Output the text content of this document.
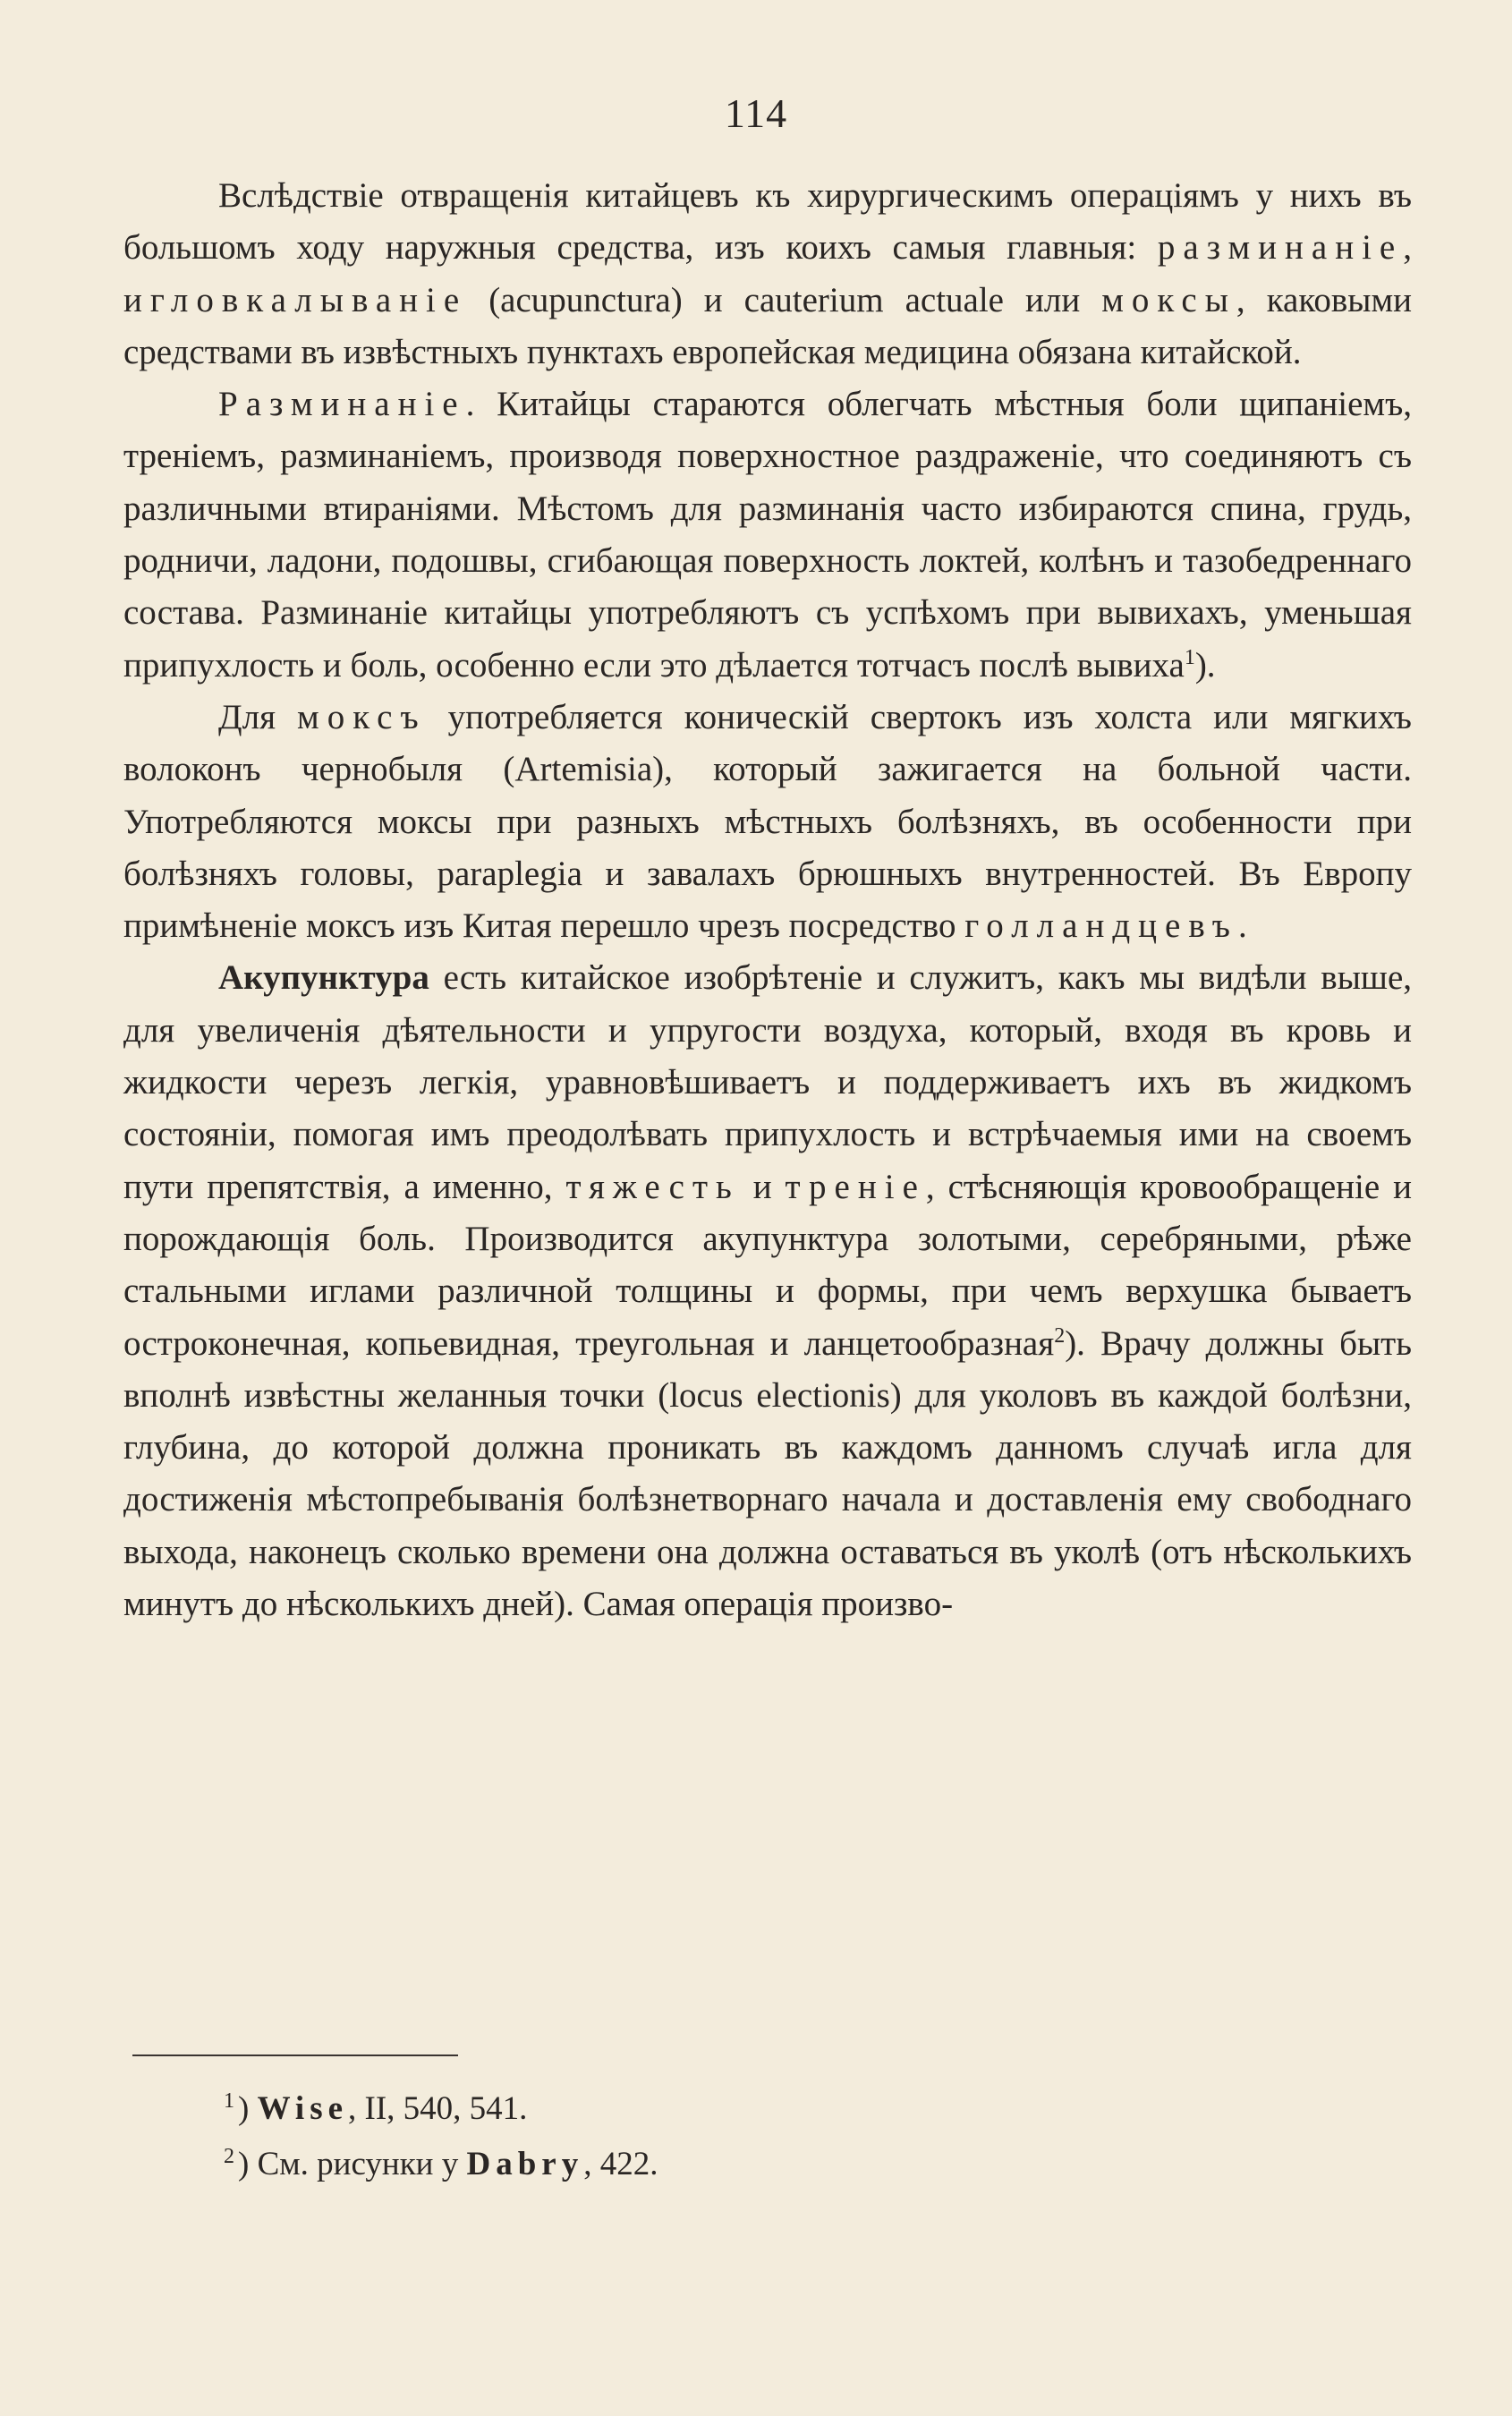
114

Вслѣдствіе отвращенія китайцевъ къ хирургическимъ операціямъ у нихъ въ большомъ ходу наружныя средства, изъ коихъ самыя главныя: разминаніе, игловкалываніе (acupunctura) и cauterium actuale или моксы, каковыми средствами въ извѣстныхъ пунктахъ европейская медицина обязана китайской.

Разминаніе. Китайцы стараются облегчать мѣстныя боли щипаніемъ, треніемъ, разминаніемъ, производя поверхностное раздраженіе, что соединяютъ съ различными втираніями. Мѣстомъ для разминанія часто избираются спина, грудь, родничи, ладони, подошвы, сгибающая поверхность локтей, колѣнъ и тазобедреннаго состава. Разминаніе китайцы употребляютъ съ успѣхомъ при вывихахъ, уменьшая припухлость и боль, особенно если это дѣлается тотчасъ послѣ вывиха$^1$).

Для моксъ употребляется коническій свертокъ изъ холста или мягкихъ волоконъ чернобыля (Artemisia), который зажигается на больной части. Употребляются моксы при разныхъ мѣстныхъ болѣзняхъ, въ особенности при болѣзняхъ головы, paraplegia и завалахъ брюшныхъ внутренностей. Въ Европу примѣненіе моксъ изъ Китая перешло чрезъ посредство голландцевъ.

Акупунктура есть китайское изобрѣтеніе и служитъ, какъ мы видѣли выше, для увеличенія дѣятельности и упругости воздуха, который, входя въ кровь и жидкости черезъ легкія, уравновѣшиваетъ и поддерживаетъ ихъ въ жидкомъ состояніи, помогая имъ преодолѣвать припухлость и встрѣчаемыя ими на своемъ пути препятствія, а именно, тяжесть и треніе, стѣсняющія кровообращеніе и порождающія боль. Производится акупунктура золотыми, серебряными, рѣже стальными иглами различной толщины и формы, при чемъ верхушка бываетъ остроконечная, копьевидная, треугольная и ланцетообразная$^2$). Врачу должны быть вполнѣ извѣстны желанныя точки (locus electionis) для уколовъ въ каждой болѣзни, глубина, до которой должна проникать въ каждомъ данномъ случаѣ игла для достиженія мѣстопребыванія болѣзнетворнаго начала и доставленія ему свободнаго выхода, наконецъ сколько времени она должна оставаться въ уколѣ (отъ нѣсколькихъ минутъ до нѣсколькихъ дней). Самая операція произво-

$^1$ ) Wise, II, 540, 541.
$^2$ ) См. рисунки у Dabry, 422.
